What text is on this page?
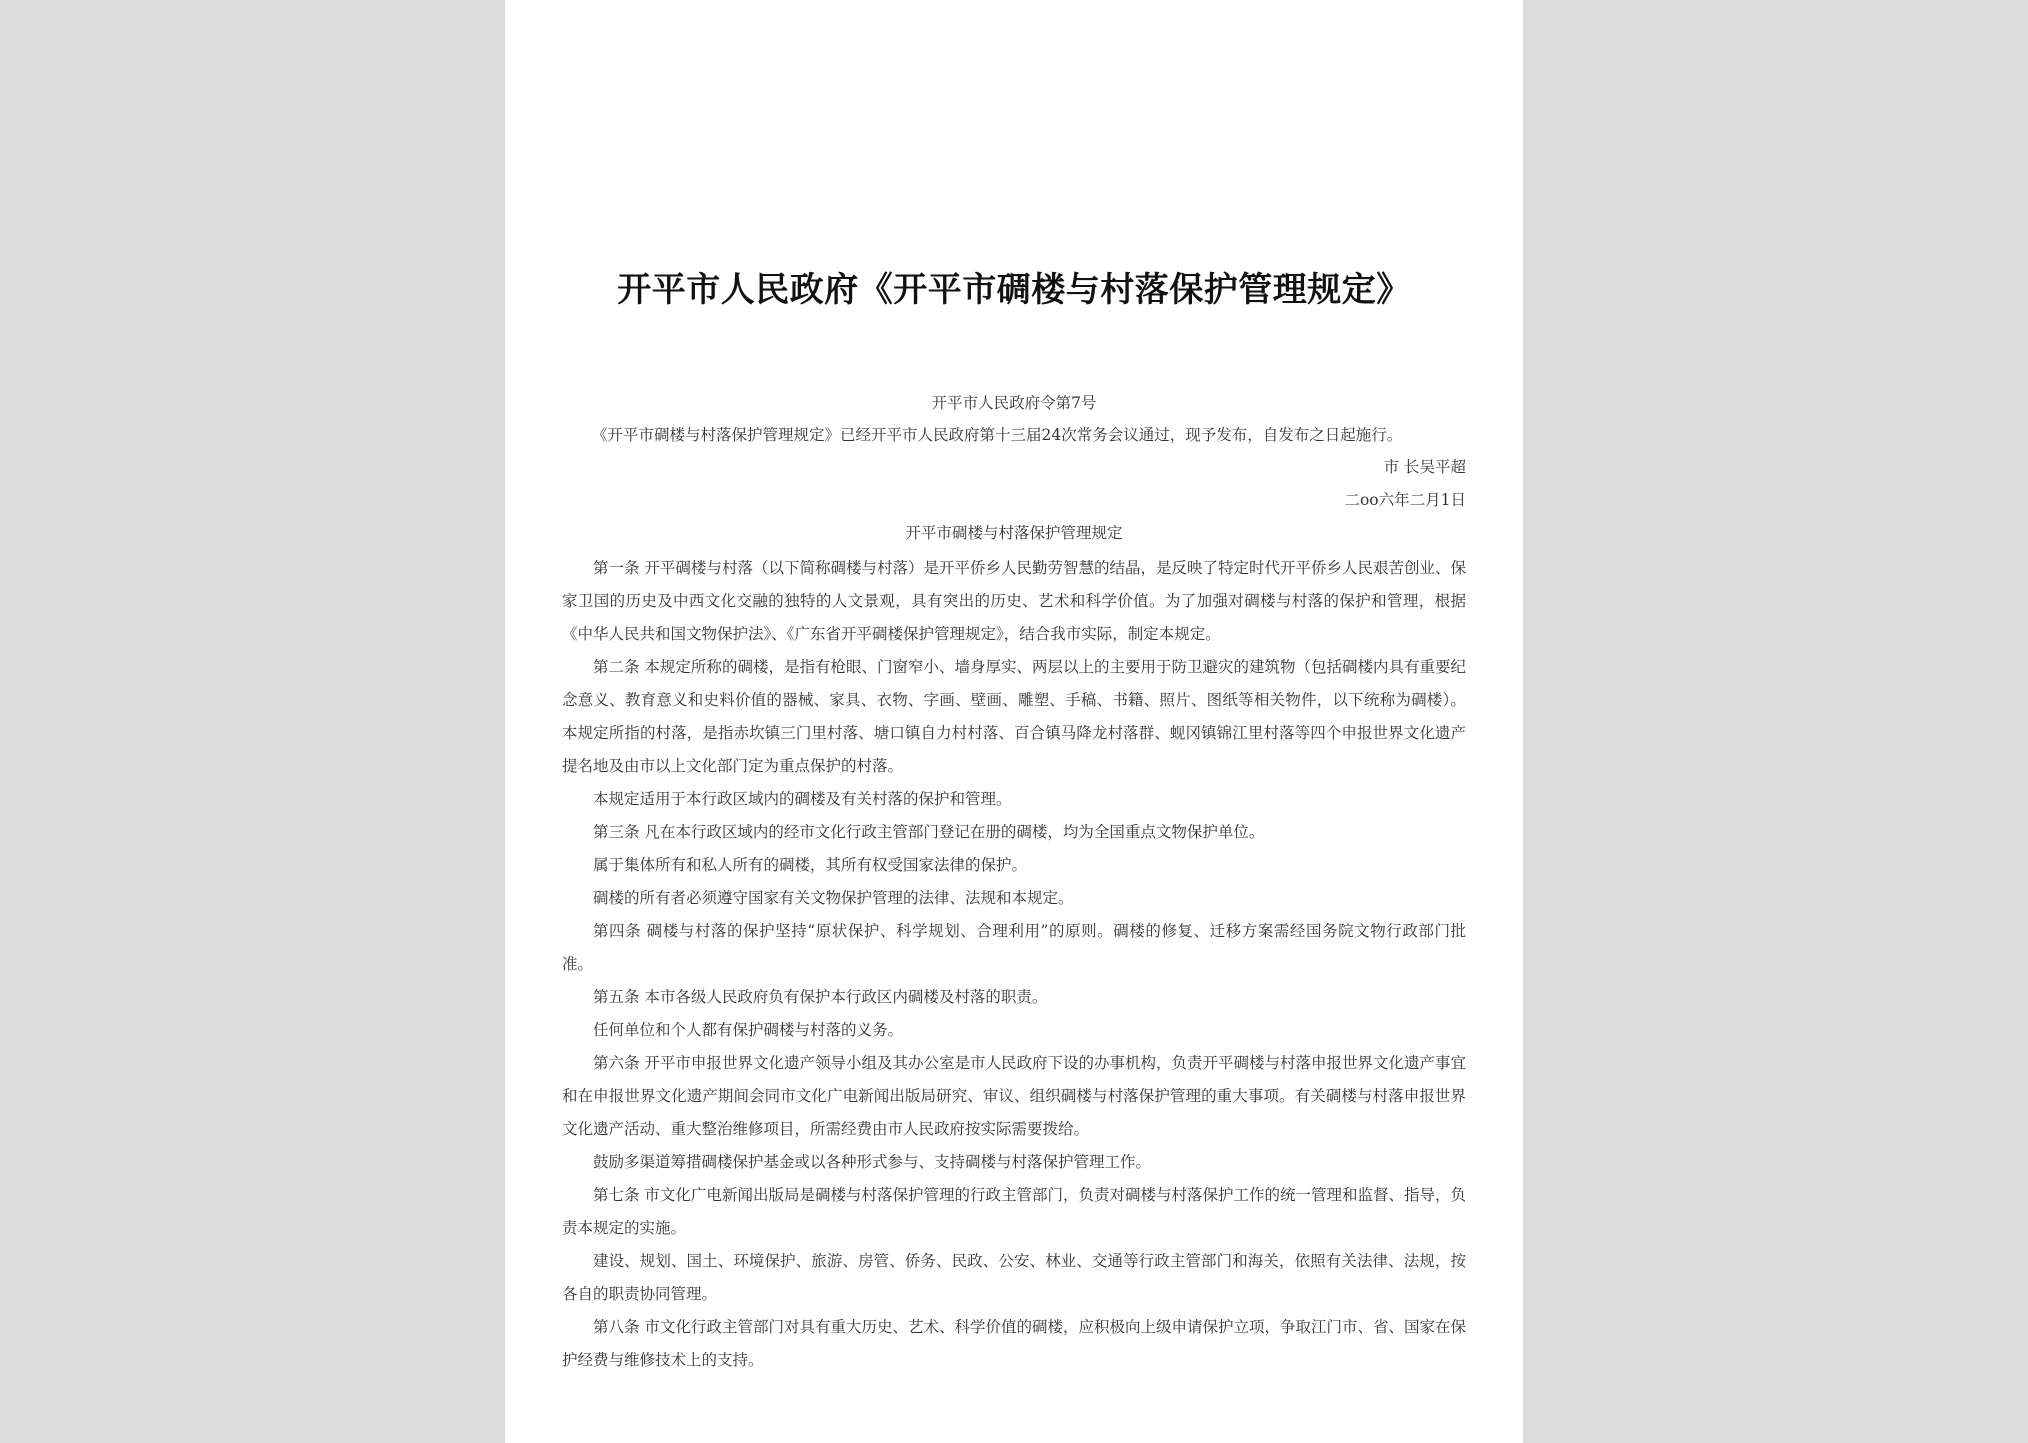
开平市人民政府《开平市碉楼与村落保护管理规定》
开平市人民政府令第7号
《开平市碉楼与村落保护管理规定》已经开平市人民政府第十三届24次常务会议通过，现予发布，自发布之日起施行。
市 长吴平超
二oo六年二月1日
开平市碉楼与村落保护管理规定

第一条 开平碉楼与村落（以下简称碉楼与村落）是开平侨乡人民勤劳智慧的结晶，是反映了特定时代开平侨乡人民艰苦创业、保家卫国的历史及中西文化交融的独特的人文景观，具有突出的历史、艺术和科学价值。为了加强对碉楼与村落的保护和管理，根据《中华人民共和国文物保护法》、《广东省开平碉楼保护管理规定》，结合我市实际，制定本规定。

第二条 本规定所称的碉楼，是指有枪眼、门窗窄小、墙身厚实、两层以上的主要用于防卫避灾的建筑物（包括碉楼内具有重要纪念意义、教育意义和史料价值的器械、家具、衣物、字画、壁画、雕塑、手稿、书籍、照片、图纸等相关物件，以下统称为碉楼）。本规定所指的村落，是指赤坎镇三门里村落、塘口镇自力村村落、百合镇马降龙村落群、蚬冈镇锦江里村落等四个申报世界文化遗产提名地及由市以上文化部门定为重点保护的村落。

本规定适用于本行政区域内的碉楼及有关村落的保护和管理。

第三条 凡在本行政区域内的经市文化行政主管部门登记在册的碉楼，均为全国重点文物保护单位。

属于集体所有和私人所有的碉楼，其所有权受国家法律的保护。

碉楼的所有者必须遵守国家有关文物保护管理的法律、法规和本规定。

第四条 碉楼与村落的保护坚持“原状保护、科学规划、合理利用”的原则。碉楼的修复、迁移方案需经国务院文物行政部门批准。

第五条 本市各级人民政府负有保护本行政区内碉楼及村落的职责。

任何单位和个人都有保护碉楼与村落的义务。

第六条 开平市申报世界文化遗产领导小组及其办公室是市人民政府下设的办事机构，负责开平碉楼与村落申报世界文化遗产事宜和在申报世界文化遗产期间会同市文化广电新闻出版局研究、审议、组织碉楼与村落保护管理的重大事项。有关碉楼与村落申报世界文化遗产活动、重大整治维修项目，所需经费由市人民政府按实际需要拨给。

鼓励多渠道筹措碉楼保护基金或以各种形式参与、支持碉楼与村落保护管理工作。

第七条 市文化广电新闻出版局是碉楼与村落保护管理的行政主管部门，负责对碉楼与村落保护工作的统一管理和监督、指导，负责本规定的实施。

建设、规划、国土、环境保护、旅游、房管、侨务、民政、公安、林业、交通等行政主管部门和海关，依照有关法律、法规，按各自的职责协同管理。

第八条 市文化行政主管部门对具有重大历史、艺术、科学价值的碉楼，应积极向上级申请保护立项，争取江门市、省、国家在保护经费与维修技术上的支持。
